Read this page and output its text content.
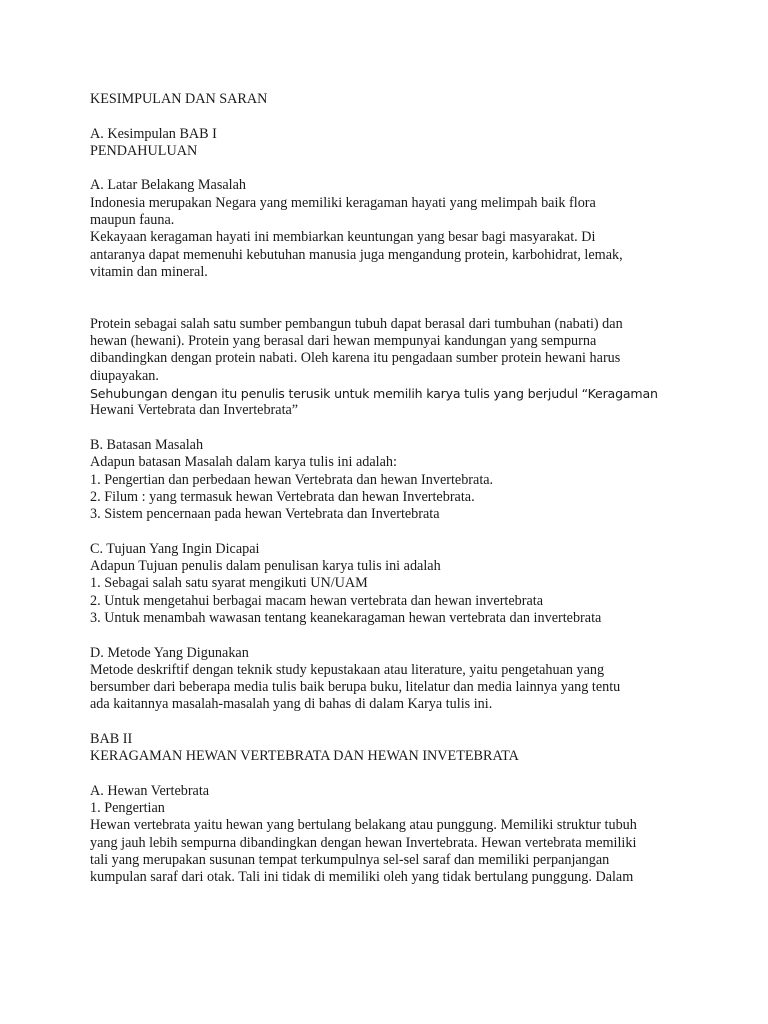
KESIMPULAN DAN SARAN
A. Kesimpulan BAB I
PENDAHULUAN
A. Latar Belakang Masalah
Indonesia merupakan Negara yang memiliki keragaman hayati yang melimpah baik flora
maupun fauna.
Kekayaan keragaman hayati ini membiarkan keuntungan yang besar bagi masyarakat. Di
antaranya dapat memenuhi kebutuhan manusia juga mengandung protein, karbohidrat, lemak,
vitamin dan mineral.
Protein sebagai salah satu sumber pembangun tubuh dapat berasal dari tumbuhan (nabati) dan
hewan (hewani). Protein yang berasal dari hewan mempunyai kandungan yang sempurna
dibandingkan dengan protein nabati. Oleh karena itu pengadaan sumber protein hewani harus
diupayakan.
Sehubungan dengan itu penulis terusik untuk memilih karya tulis yang berjudul “Keragaman
Hewani Vertebrata dan Invertebrata”
B. Batasan Masalah
Adapun batasan Masalah dalam karya tulis ini adalah:
1. Pengertian dan perbedaan hewan Vertebrata dan hewan Invertebrata.
2. Filum : yang termasuk hewan Vertebrata dan hewan Invertebrata.
3. Sistem pencernaan pada hewan Vertebrata dan Invertebrata
C. Tujuan Yang Ingin Dicapai
Adapun Tujuan penulis dalam penulisan karya tulis ini adalah
1. Sebagai salah satu syarat mengikuti UN/UAM
2. Untuk mengetahui berbagai macam hewan vertebrata dan hewan invertebrata
3. Untuk menambah wawasan tentang keanekaragaman hewan vertebrata dan invertebrata
D. Metode Yang Digunakan
Metode deskriftif dengan teknik study kepustakaan atau literature, yaitu pengetahuan yang
bersumber dari beberapa media tulis baik berupa buku, litelatur dan media lainnya yang tentu
ada kaitannya masalah-masalah yang di bahas di dalam Karya tulis ini.
BAB II
KERAGAMAN HEWAN VERTEBRATA DAN HEWAN INVETEBRATA
A. Hewan Vertebrata
1. Pengertian
Hewan vertebrata yaitu hewan yang bertulang belakang atau punggung. Memiliki struktur tubuh
yang jauh lebih sempurna dibandingkan dengan hewan Invertebrata. Hewan vertebrata memiliki
tali yang merupakan susunan tempat terkumpulnya sel-sel saraf dan memiliki perpanjangan
kumpulan saraf dari otak. Tali ini tidak di memiliki oleh yang tidak bertulang punggung. Dalam
